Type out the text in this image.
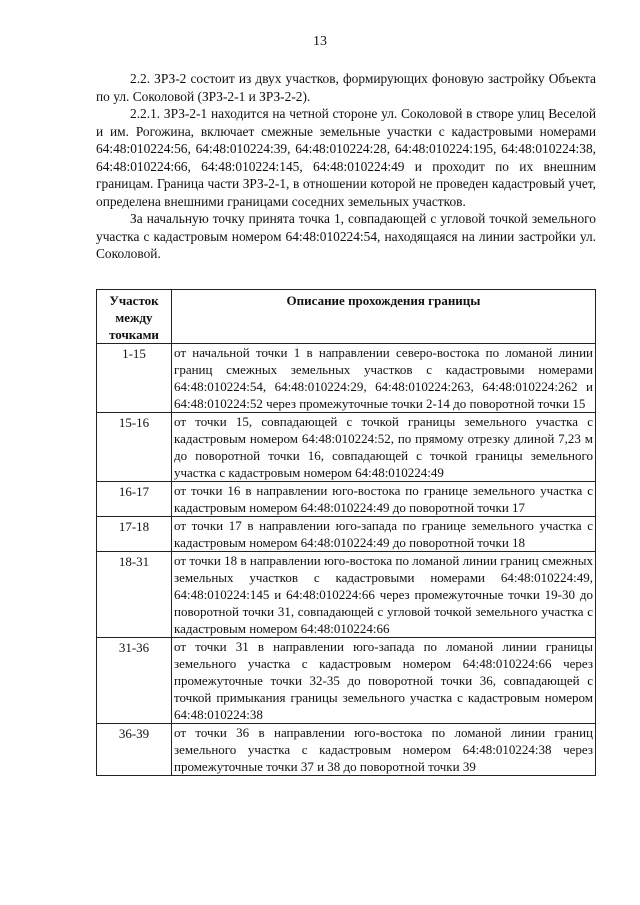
13

2.2. ЗРЗ-2 состоит из двух участков, формирующих фоновую застройку Объекта по ул. Соколовой (ЗРЗ-2-1 и ЗРЗ-2-2).

2.2.1. ЗРЗ-2-1 находится на четной стороне ул. Соколовой в створе улиц Веселой и им. Рогожина, включает смежные земельные участки с кадастровыми номерами 64:48:010224:56, 64:48:010224:39, 64:48:010224:28, 64:48:010224:195, 64:48:010224:38, 64:48:010224:66, 64:48:010224:145, 64:48:010224:49 и проходит по их внешним границам. Граница части ЗРЗ-2-1, в отношении которой не проведен кадастровый учет, определена внешними границами соседних земельных участков.

За начальную точку принята точка 1, совпадающей с угловой точкой земельного участка с кадастровым номером 64:48:010224:54, находящаяся на линии застройки ул. Соколовой.

Участок между точками	Описание прохождения границы
1-15	от начальной точки 1 в направлении северо-востока по ломаной линии границ смежных земельных участков с кадастровыми номерами 64:48:010224:54, 64:48:010224:29, 64:48:010224:263, 64:48:010224:262 и 64:48:010224:52 через промежуточные точки 2-14 до поворотной точки 15
15-16	от точки 15, совпадающей с точкой границы земельного участка с кадастровым номером 64:48:010224:52, по прямому отрезку длиной 7,23 м до поворотной точки 16, совпадающей с точкой границы земельного участка с кадастровым номером 64:48:010224:49
16-17	от точки 16 в направлении юго-востока по границе земельного участка с кадастровым номером 64:48:010224:49 до поворотной точки 17
17-18	от точки 17 в направлении юго-запада по границе земельного участка с кадастровым номером 64:48:010224:49 до поворотной точки 18
18-31	от точки 18 в направлении юго-востока по ломаной линии границ смежных земельных участков с кадастровыми номерами 64:48:010224:49, 64:48:010224:145 и 64:48:010224:66 через промежуточные точки 19-30 до поворотной точки 31, совпадающей с угловой точкой земельного участка с кадастровым номером 64:48:010224:66
31-36	от точки 31 в направлении юго-запада по ломаной линии границы земельного участка с кадастровым номером 64:48:010224:66 через промежуточные точки 32-35 до поворотной точки 36, совпадающей с точкой примыкания границы земельного участка с кадастровым номером 64:48:010224:38
36-39	от точки 36 в направлении юго-востока по ломаной линии границ земельного участка с кадастровым номером 64:48:010224:38 через промежуточные точки 37 и 38 до поворотной точки 39
